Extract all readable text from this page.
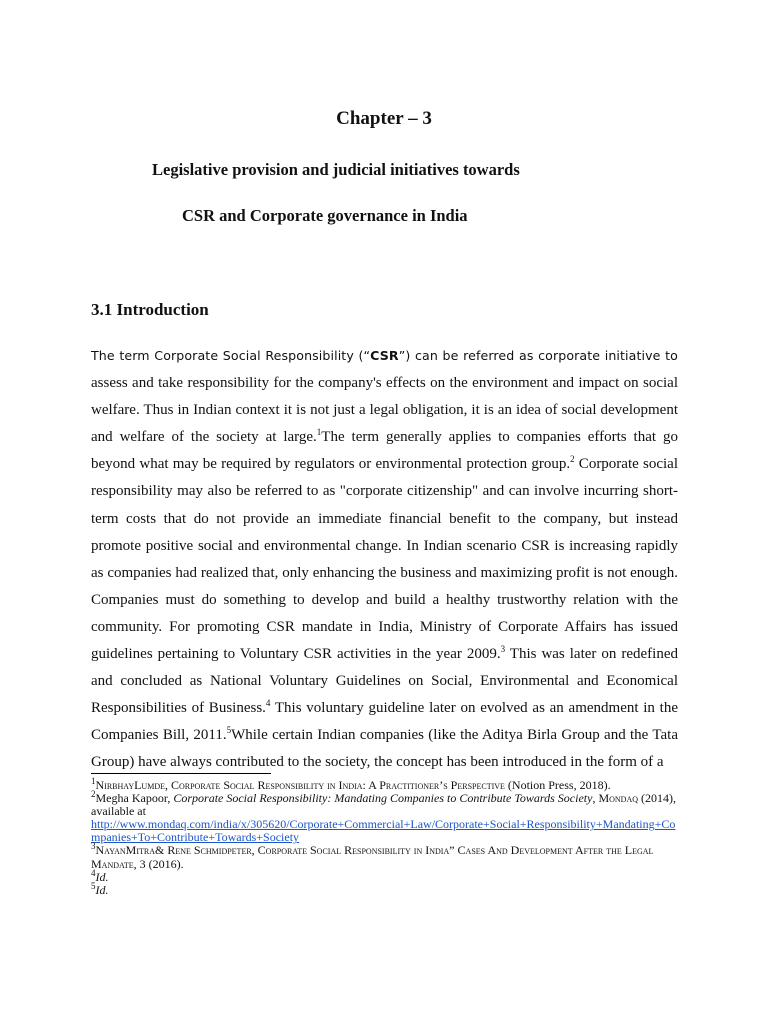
Chapter – 3
Legislative provision and judicial initiatives towards
CSR and Corporate governance in India
3.1 Introduction

The term Corporate Social Responsibility (“CSR”) can be referred as corporate initiative to assess and take responsibility for the company's effects on the environment and impact on social welfare. Thus in Indian context it is not just a legal obligation, it is an idea of social development and welfare of the society at large.$^1$The term generally applies to companies efforts that go beyond what may be required by regulators or environmental protection group.$^2$ Corporate social responsibility may also be referred to as "corporate citizenship" and can involve incurring short-term costs that do not provide an immediate financial benefit to the company, but instead promote positive social and environmental change. In Indian scenario CSR is increasing rapidly as companies had realized that, only enhancing the business and maximizing profit is not enough. Companies must do something to develop and build a healthy trustworthy relation with the community. For promoting CSR mandate in India, Ministry of Corporate Affairs has issued guidelines pertaining to Voluntary CSR activities in the year 2009.$^3$ This was later on redefined and concluded as National Voluntary Guidelines on Social, Environmental and Economical Responsibilities of Business.$^4$ This voluntary guideline later on evolved as an amendment in the Companies Bill, 2011.$^5$While certain Indian companies (like the Aditya Birla Group and the Tata Group) have always contributed to the society, the concept has been introduced in the form of a

$^1$NirbhayLumde, Corporate Social Responsibility in India: A Practitioner’s Perspective (Notion Press, 2018).

$^2$Megha Kapoor, Corporate Social Responsibility: Mandating Companies to Contribute Towards Society, Mondaq (2014), available at
http://www.mondaq.com/india/x/305620/Corporate+Commercial+Law/Corporate+Social+Responsibility+Mandating+Companies+To+Contribute+Towards+Society

$^3$NayanMitra& Rene Schmidpeter, Corporate Social Responsibility in India” Cases And Development After the Legal Mandate, 3 (2016).

$^4$Id.

$^5$Id.
